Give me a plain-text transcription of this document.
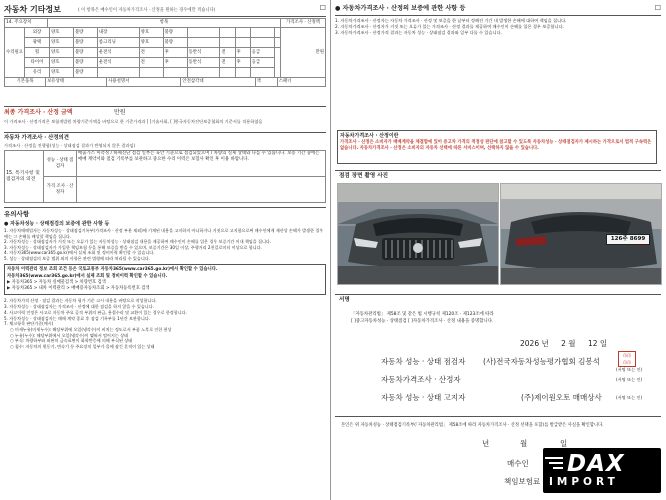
자동차 기타정보	( 이 항목은 매수인이 자동차가격조사 · 산정을 원하는 경우에만 적습니다)	☐
14. 주요장치	항목	가격조사 · 산정액
수리필요	외장	양호	불량	내장	양호	불량						만원
	광택	양호	불량	룸크리닝	양호	불량						
	휠	양호	불량	운전석	전	후	동반석	전	후	응급		
	타이어	양호	불량	운전석	전	후	동반석	전	후	응급		
	유리	양호	불량									
기본품목	보유상태	사용설명서	안전삼각대	잭	스패너
최종 가격조사 · 산정 금액	만원
이 가격조사 · 산정가격은 보험개발원 차량기준가액을 바탕으로 한 기준가격과 [ ]기술사회, [ ]한국자동차진단보증협회의 기준서를 적용하였음
자동차 가격조사 · 산정의견
가격조사 · 산정을 진행함(성능 · 상태점검 결과가 반영되지 않은 결과임)
15. 특기사항 및 점검자의 의견	성능 · 상태 점검자	배출가스 미측정 / 하체진단 점검 일부는 육안 기준으로 점검되었으며 / 차량의 실제 상태와 다를 수 있습니다. 보증 기간 중에는 매매 계약서와 점검 기록부를 보관하고 중요한 수리 이력은 보험사 확인 후 이용 바랍니다.
	가격 조사 · 산정자	
유의사항
● 자동차성능 · 상태점검의 보증에 관한 사항 등
1. 자동차매매업자는 자동차성능 · 상태점검기록부(가격조사 · 산정 부분 제외)에 기재된 내용을 고지하지 아니하거나 거짓으로 고지함으로써 매수인에게 재산상 손해가 발생한 경우에는 그 손해를 배상할 책임을 집니다.
2. 자동차성능 · 상태점검자가 거짓 또는 오류가 있는 자동차성능 · 상태점검 내용을 제공하여 매수인이 손해를 입은 경우 보증기간 이내 책임을 집니다.
3. 자동차성능 · 상태점검자가 가입한 책임보험 등을 통해 보증을 받을 수 있으며, 보증기간은 30일 이상, 주행거리 2천킬로미터 이상으로 합니다.
4. 자동차365(www.car365.go.kr)에서 실제 조회 및 정비이력 확인할 수 있습니다.
5. 성능 · 상태점검의 보증 범위 외의 사항은 관련 법령에 따라 처리될 수 있습니다.
자동차 이력관리 정보 조회 조건 등은 국토교통부 자동차365(www.car365.go.kr)에서 확인할 수 있습니다.
자동차365(www.car365.go.kr)에서 실제 조회 및 정비이력 확인할 수 있습니다.
▶ 자동차365 > 자동차 실매물검색 > 차량번호 검색
▶ 자동차365 > 내차 이력관리 > 매매용자동차조회 > 자동차등록번호 검색
2. 자동차가격 산정 · 점검 결과는 자동차 평가 기준 고시 내용을 바탕으로 작성합니다.
3. 자동차성능 · 상태점검자는 가격조사 · 산정에 대한 점검을 하지 않을 수 있습니다.
4. 사고이력 인정은 사고로 자동차 주요 골격 부위의 판금, 용접수리 및 교환이 있는 경우로 한정합니다.
5. 자동차성능 · 상태점검자는 매매 계약 종료 후 점검 기록부를 1년간 보관합니다.
7. 체크항목 판단기준(예시)
○ 미세누유(미세누수): 해당부위에 오일(냉각수)이 비치는 정도로서 부품 노후로 인한 현상
○ 누유(누수): 해당부위에서 오일(냉각수)이 맺혀서 떨어지는 상태
○ 부식: 차량하부와 외판의 금속표면이 화학반응에 의해 부식된 상태
○ 침수: 자동차의 원동기, 변속기 등 주요장치 일부가 물에 잠긴 흔적이 있는 상태
● 자동차가격조사 · 산정의 보증에 관한 사항 등	☐
1. 자동차가격조사 · 산정자는 자동차 가격조사 · 산정 및 보증을 한 날부터 정해진 기간 내 발생한 손해에 대하여 책임을 집니다.
2. 자동차가격조사 · 산정자가 거짓 또는 오류가 있는 가격조사 · 산정 결과를 제공하여 매수인이 손해를 입은 경우 보증합니다.
3. 자동차가격조사 · 산정가격 결과는 자동차 성능 · 상태점검 결과와 일부 다를 수 있습니다.
자동차가격조사 · 산정이란
가격조사 · 산정은 소비자가 매매계약을 체결함에 있어 중고차 가격의 적정성 판단에 참고할 수 있도록 자동차성능 · 상태점검자가 제시하는 가격으로서 법적 구속력은 없습니다. 자동차가격조사 · 산정은 소비자의 자동차 선택에 따른 서비스이며, 선택하지 않을 수 있습니다.
점검 장면 촬영 사진
126주 8699
서명
「자동차관리법」 제58조 및 같은 법 시행규칙 제120조 · 제123조에 따라
[ ]중고자동차성능 · 상태점검 [ ]자동차가격조사 · 산정 내용을 증명합니다.
2026 년 2 월 12 일
자동차 성능 · 상태 점검자 (사)전국자동차성능평가협회 김봉석
印印
印印
(서명 또는 인)
자동차가격조사 · 산정자	(서명 또는 인)
자동차 성능 · 상태 고지자	(주)제이원오토 매매상사	(서명 또는 인)
본인은 위 자동차성능 · 상태점검기록부(「자동차관리법」 제58조에 따라 자동차가격조사 · 산정 선택을 포함)를 발급받은 사실을 확인합니다.
년	월	일
매수인
책임보험료
DAX
IMPORT
